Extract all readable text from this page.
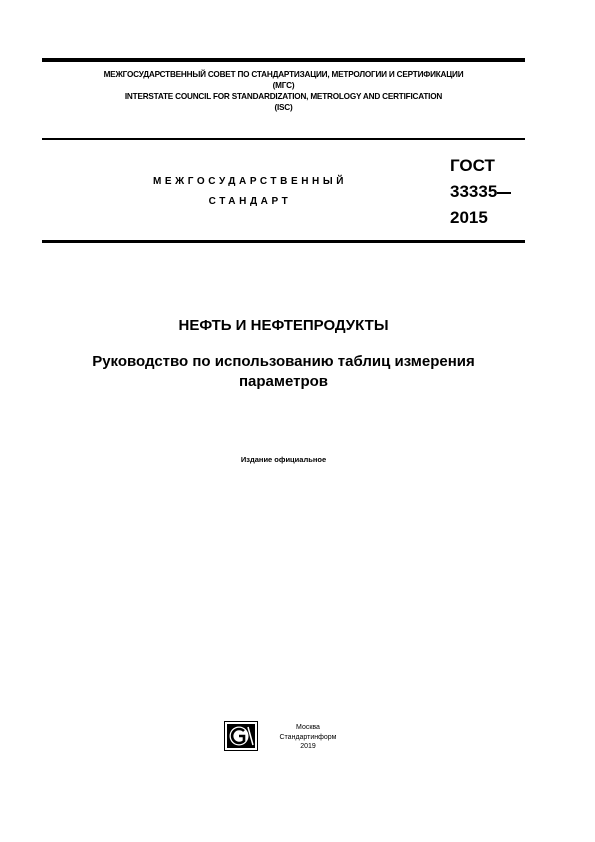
МЕЖГОСУДАРСТВЕННЫЙ СОВЕТ ПО СТАНДАРТИЗАЦИИ, МЕТРОЛОГИИ И СЕРТИФИКАЦИИ
(МГС)
INTERSTATE COUNCIL FOR STANDARDIZATION, METROLOGY AND CERTIFICATION
(ISC)
МЕЖГОСУДАРСТВЕННЫЙ
СТАНДАРТ
ГОСТ
33335
2015
НЕФТЬ И НЕФТЕПРОДУКТЫ
Руководство по использованию таблиц измерения
параметров
Издание официальное
Москва
Стандартинформ
2019
